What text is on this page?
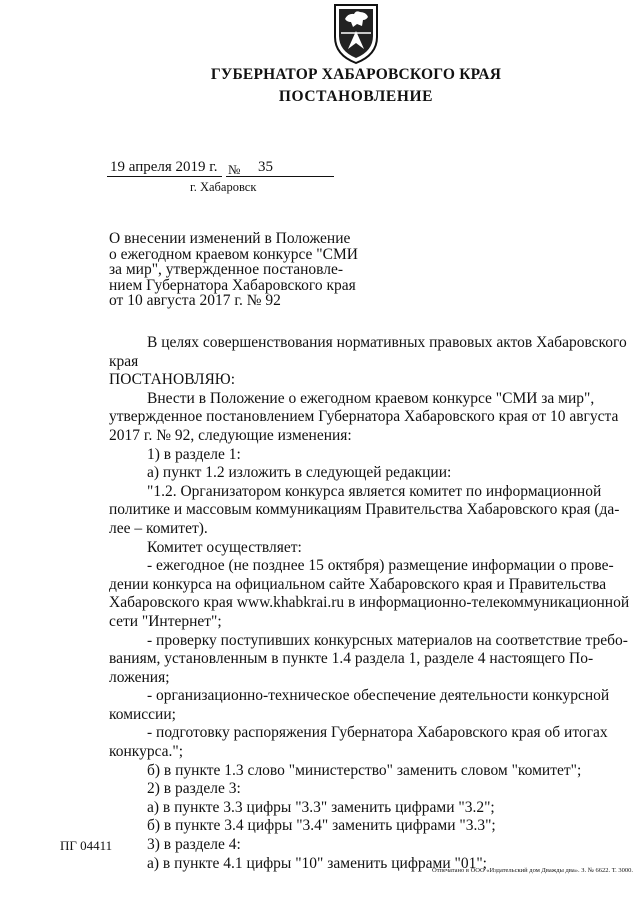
ГУБЕРНАТОР ХАБАРОВСКОГО КРАЯ
ПОСТАНОВЛЕНИЕ
19 апреля 2019 г. № 35
г. Хабаровск
О внесении изменений в Положение
о ежегодном краевом конкурсе "СМИ
за мир", утвержденное постановле-
нием Губернатора Хабаровского края
от 10 августа 2017 г. № 92
В целях совершенствования нормативных правовых актов Хабаровского
края
ПОСТАНОВЛЯЮ:
Внести в Положение о ежегодном краевом конкурсе "СМИ за мир",
утвержденное постановлением Губернатора Хабаровского края от 10 августа
2017 г. № 92, следующие изменения:
1) в разделе 1:
а) пункт 1.2 изложить в следующей редакции:
"1.2. Организатором конкурса является комитет по информационной
политике и массовым коммуникациям Правительства Хабаровского края (да-
лее – комитет).
Комитет осуществляет:
- ежегодное (не позднее 15 октября) размещение информации о прове-
дении конкурса на официальном сайте Хабаровского края и Правительства
Хабаровского края www.khabkrai.ru в информационно-телекоммуникационной
сети "Интернет";
- проверку поступивших конкурсных материалов на соответствие требо-
ваниям, установленным в пункте 1.4 раздела 1, разделе 4 настоящего По-
ложения;
- организационно-техническое обеспечение деятельности конкурсной
комиссии;
- подготовку распоряжения Губернатора Хабаровского края об итогах
конкурса.";
б) в пункте 1.3 слово "министерство" заменить словом "комитет";
2) в разделе 3:
а) в пункте 3.3 цифры "3.3" заменить цифрами "3.2";
б) в пункте 3.4 цифры "3.4" заменить цифрами "3.3";
3) в разделе 4:
а) в пункте 4.1 цифры "10" заменить цифрами "01";
ПГ 04411
Отпечатано в ООО «Издательский дом Дважды два». З. № 6622. Т. 3000.
